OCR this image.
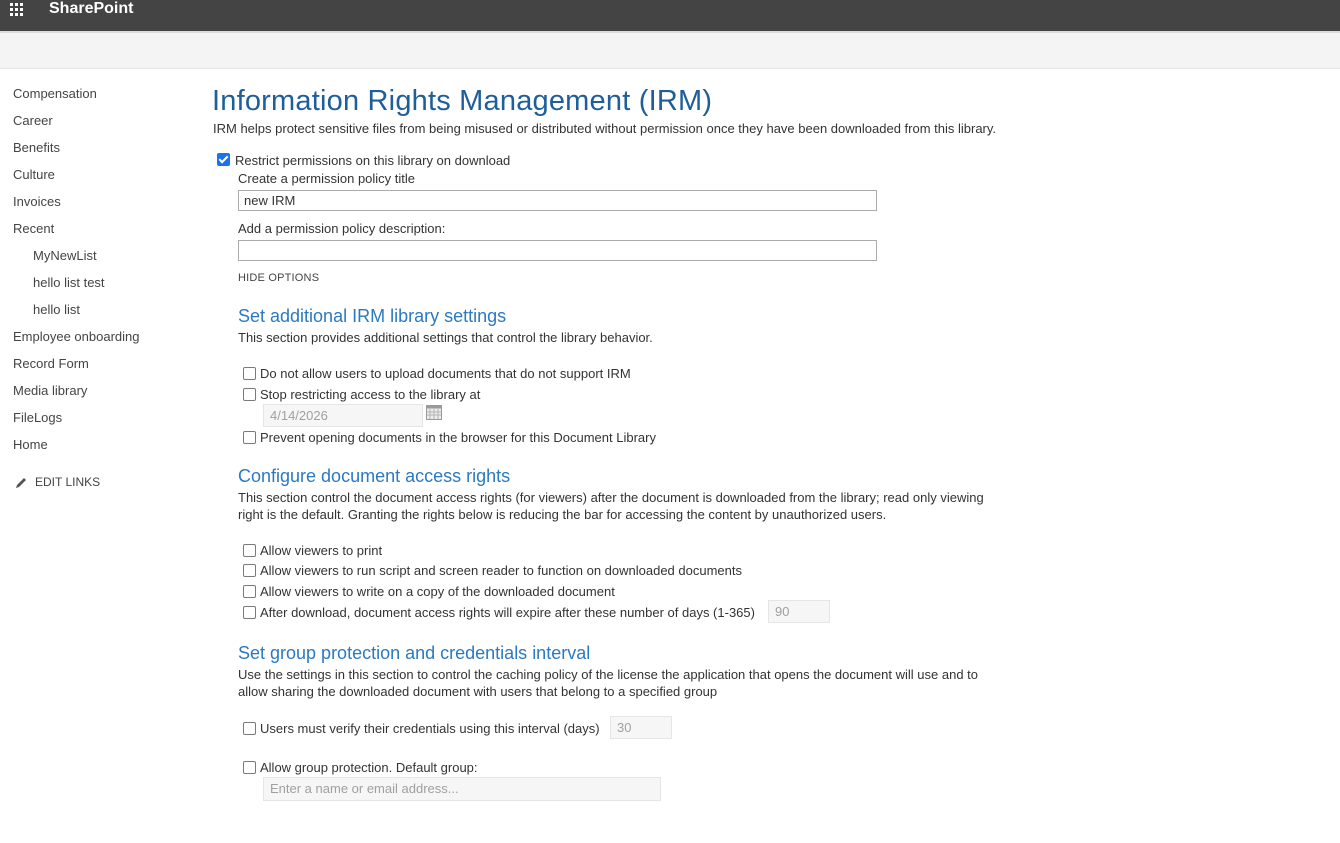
SharePoint
Compensation
Career
Benefits
Culture
Invoices
Recent
MyNewList
hello list test
hello list
Employee onboarding
Record Form
Media library
FileLogs
Home
EDIT LINKS
Information Rights Management (IRM)
IRM helps protect sensitive files from being misused or distributed without permission once they have been downloaded from this library.
Restrict permissions on this library on download
Create a permission policy title
new IRM
Add a permission policy description:
HIDE OPTIONS
Set additional IRM library settings
This section provides additional settings that control the library behavior.
Do not allow users to upload documents that do not support IRM
Stop restricting access to the library at
4/14/2026
Prevent opening documents in the browser for this Document Library
Configure document access rights
This section control the document access rights (for viewers) after the document is downloaded from the library; read only viewing
right is the default. Granting the rights below is reducing the bar for accessing the content by unauthorized users.
Allow viewers to print
Allow viewers to run script and screen reader to function on downloaded documents
Allow viewers to write on a copy of the downloaded document
After download, document access rights will expire after these number of days (1-365)	90
Set group protection and credentials interval
Use the settings in this section to control the caching policy of the license the application that opens the document will use and to
allow sharing the downloaded document with users that belong to a specified group
Users must verify their credentials using this interval (days)	30
Allow group protection. Default group:
Enter a name or email address...
